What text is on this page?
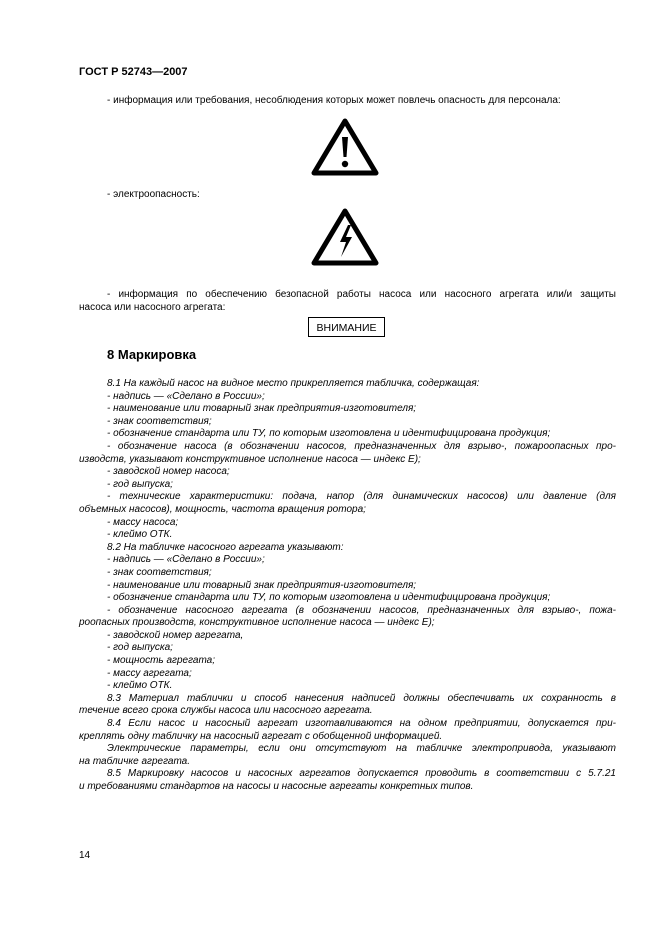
ГОСТ Р 52743—2007
- информация или требования, несоблюдения которых может повлечь опасность для персонала:
- электроопасность:
- информация по обеспечению безопасной работы насоса или насосного агрегата или/и защиты
насоса или насосного агрегата:
ВНИМАНИЕ
8 Маркировка
8.1 На каждый насос на видное место прикрепляется табличка, содержащая:
- надпись — «Сделано в России»;
- наименование или товарный знак предприятия-изготовителя;
- знак соответствия;
- обозначение стандарта или ТУ, по которым изготовлена и идентифицирована продукция;
- обозначение насоса (в обозначении насосов, предназначенных для взрыво-, пожароопасных про-
изводств, указывают конструктивное исполнение насоса — индекс Е);
- заводской номер насоса;
- год выпуска;
- технические характеристики: подача, напор (для динамических насосов) или давление (для
объемных насосов), мощность, частота вращения ротора;
- массу насоса;
- клеймо ОТК.
8.2 На табличке насосного агрегата указывают:
- надпись — «Сделано в России»;
- знак соответствия;
- наименование или товарный знак предприятия-изготовителя;
- обозначение стандарта или ТУ, по которым изготовлена и идентифицирована продукция;
- обозначение насосного агрегата (в обозначении насосов, предназначенных для взрыво-, пожа-
роопасных производств, конструктивное исполнение насоса — индекс Е);
- заводской номер агрегата,
- год выпуска;
- мощность агрегата;
- массу агрегата;
- клеймо ОТК.
8.3 Материал таблички и способ нанесения надписей должны обеспечивать их сохранность в
течение всего срока службы насоса или насосного агрегата.
8.4 Если насос и насосный агрегат изготавливаются на одном предприятии, допускается при-
креплять одну табличку на насосный агрегат с обобщенной информацией.
Электрические параметры, если они отсутствуют на табличке электропривода, указывают
на табличке агрегата.
8.5 Маркировку насосов и насосных агрегатов допускается проводить в соответствии с 5.7.21
и требованиями стандартов на насосы и насосные агрегаты конкретных типов.
14
